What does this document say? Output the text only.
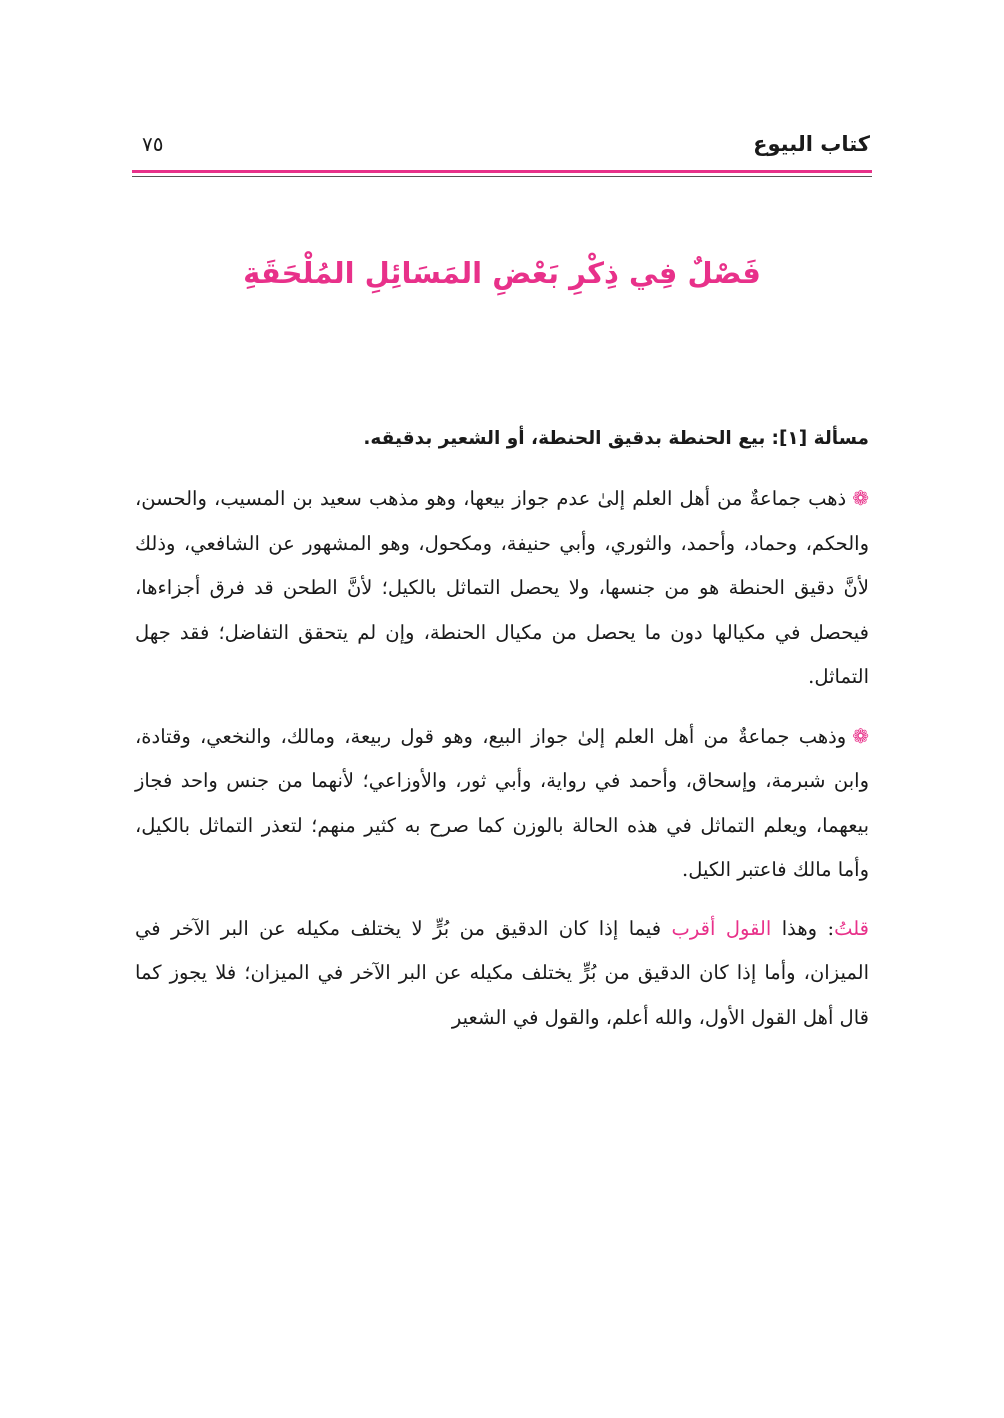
كتاب البيوع
٧٥
فَصْلٌ فِي ذِكْرِ بَعْضِ المَسَائِلِ المُلْحَقَةِ
مسألة [١]: بيع الحنطة بدقيق الحنطة، أو الشعير بدقيقه.

❁ذهب جماعةٌ من أهل العلم إلىٰ عدم جواز بيعها، وهو مذهب سعيد بن المسيب، والحسن، والحكم، وحماد، وأحمد، والثوري، وأبي حنيفة، ومكحول، وهو المشهور عن الشافعي، وذلك لأنَّ دقيق الحنطة هو من جنسها، ولا يحصل التماثل بالكيل؛ لأنَّ الطحن قد فرق أجزاءها، فيحصل في مكيالها دون ما يحصل من مكيال الحنطة، وإن لم يتحقق التفاضل؛ فقد جهل التماثل.

❁وذهب جماعةٌ من أهل العلم إلىٰ جواز البيع، وهو قول ربيعة، ومالك، والنخعي، وقتادة، وابن شبرمة، وإسحاق، وأحمد في رواية، وأبي ثور، والأوزاعي؛ لأنهما من جنس واحد فجاز بيعهما، ويعلم التماثل في هذه الحالة بالوزن كما صرح به كثير منهم؛ لتعذر التماثل بالكيل، وأما مالك فاعتبر الكيل.

قلتُ: وهذا القول أقرب فيما إذا كان الدقيق من بُرٍّ لا يختلف مكيله عن البر الآخر في الميزان، وأما إذا كان الدقيق من بُرٍّ يختلف مكيله عن البر الآخر في الميزان؛ فلا يجوز كما قال أهل القول الأول، والله أعلم، والقول في الشعير
